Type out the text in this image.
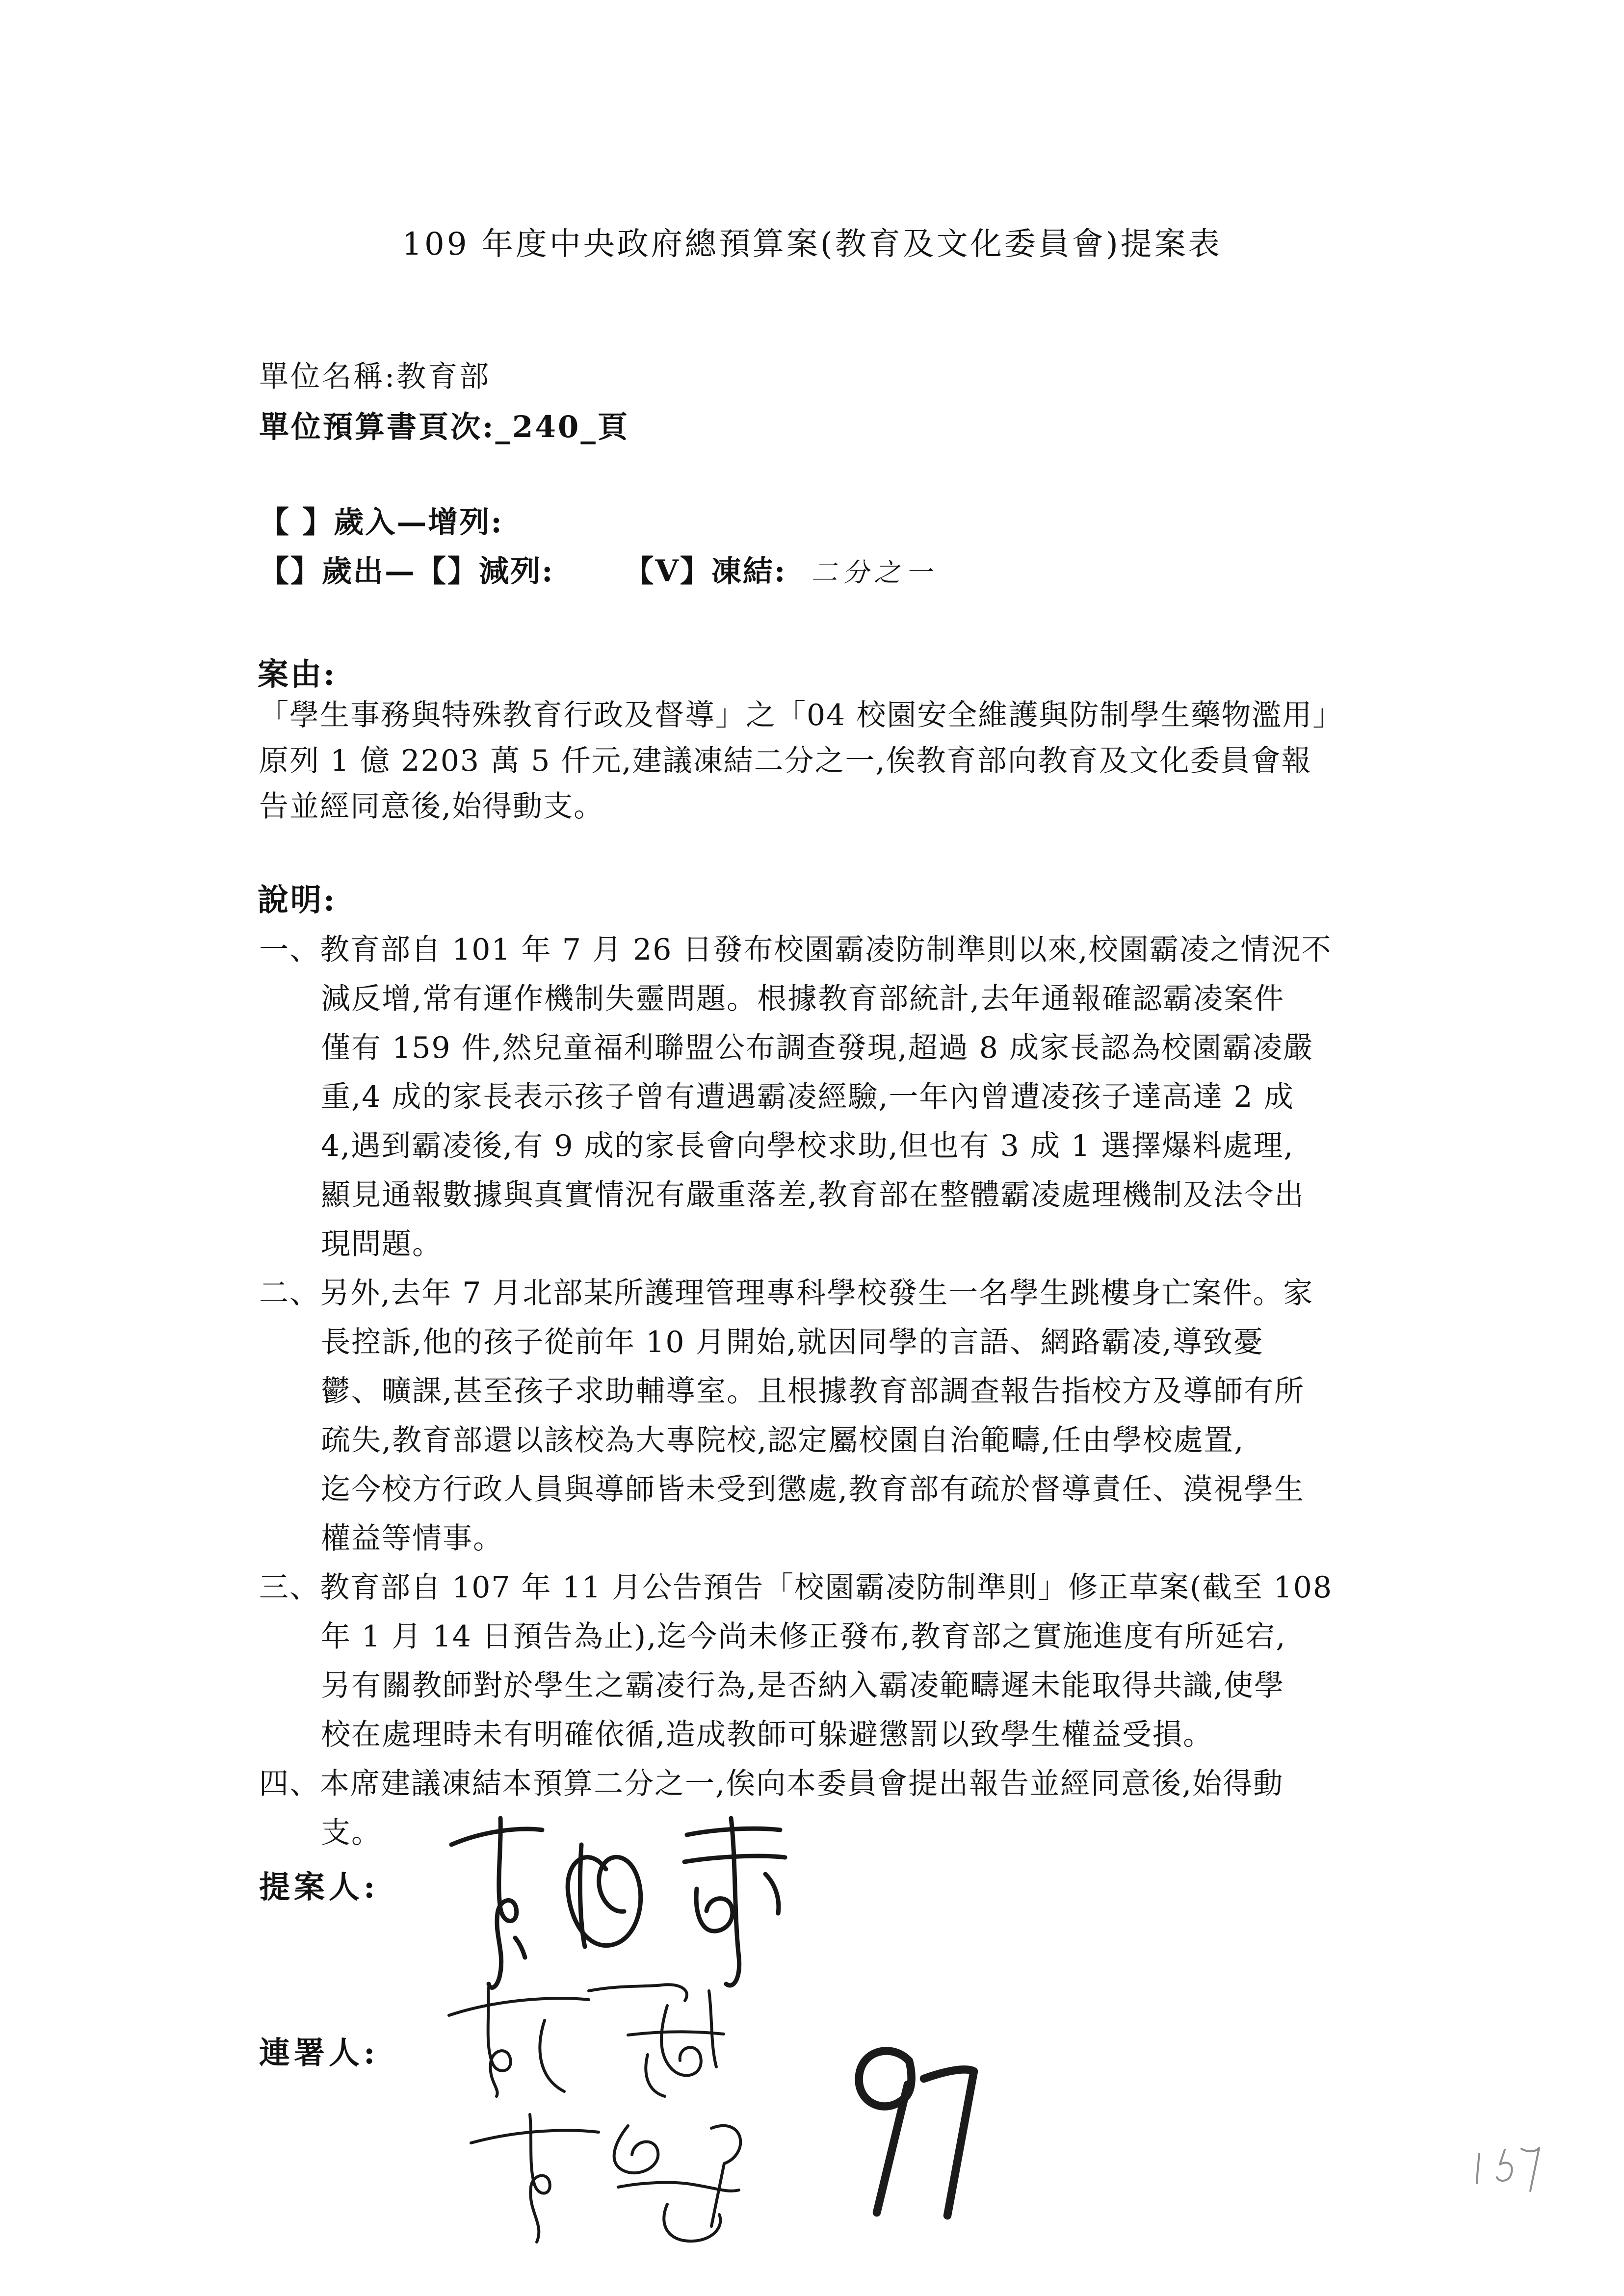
109 年度中央政府總預算案(教育及文化委員會)提案表
單位名稱:教育部
單位預算書頁次:_240_頁
【 】歲入—增列:
【】歲出—【】減列: 【V】凍結: 二分之一
案由:
「學生事務與特殊教育行政及督導」之「04 校園安全維護與防制學生藥物濫用」
原列 1 億 2203 萬 5 仟元,建議凍結二分之一,俟教育部向教育及文化委員會報
告並經同意後,始得動支。
說明:
一、教育部自 101 年 7 月 26 日發布校園霸凌防制準則以來,校園霸凌之情況不
減反增,常有運作機制失靈問題。根據教育部統計,去年通報確認霸凌案件
僅有 159 件,然兒童福利聯盟公布調查發現,超過 8 成家長認為校園霸凌嚴
重,4 成的家長表示孩子曾有遭遇霸凌經驗,一年內曾遭凌孩子達高達 2 成
4,遇到霸凌後,有 9 成的家長會向學校求助,但也有 3 成 1 選擇爆料處理,
顯見通報數據與真實情況有嚴重落差,教育部在整體霸凌處理機制及法令出
現問題。
二、另外,去年 7 月北部某所護理管理專科學校發生一名學生跳樓身亡案件。家
長控訴,他的孩子從前年 10 月開始,就因同學的言語、網路霸凌,導致憂
鬱、曠課,甚至孩子求助輔導室。且根據教育部調查報告指校方及導師有所
疏失,教育部還以該校為大專院校,認定屬校園自治範疇,任由學校處置,
迄今校方行政人員與導師皆未受到懲處,教育部有疏於督導責任、漠視學生
權益等情事。
三、教育部自 107 年 11 月公告預告「校園霸凌防制準則」修正草案(截至 108
年 1 月 14 日預告為止),迄今尚未修正發布,教育部之實施進度有所延宕,
另有關教師對於學生之霸凌行為,是否納入霸凌範疇遲未能取得共識,使學
校在處理時未有明確依循,造成教師可躲避懲罰以致學生權益受損。
四、本席建議凍結本預算二分之一,俟向本委員會提出報告並經同意後,始得動
支。
提案人:
連署人:
